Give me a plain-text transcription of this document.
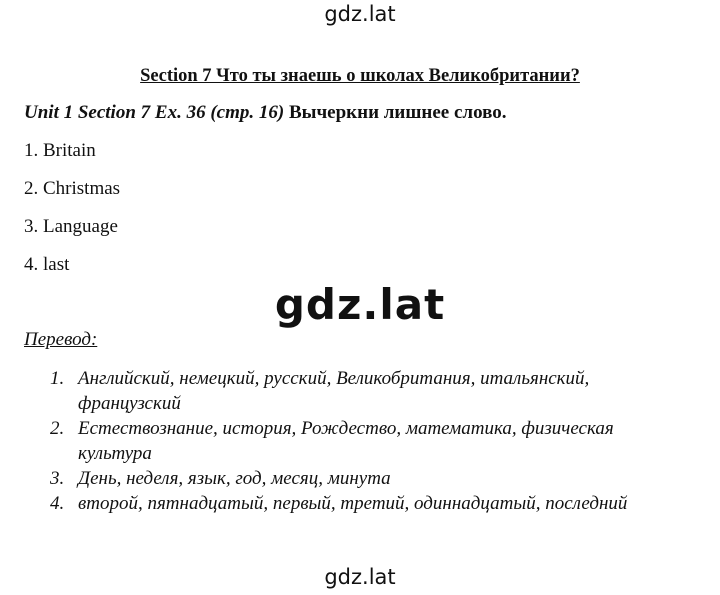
gdz.lat
Section 7 Что ты знаешь о школах Великобритании?
Unit 1 Section 7 Ex. 36 (стр. 16) Вычеркни лишнее слово.
1. Britain
2. Christmas
3. Language
4. last
gdz.lat
Перевод:
1. Английский, немецкий, русский, Великобритания, итальянский, французский
2. Естествознание, история, Рождество, математика, физическая культура
3. День, неделя, язык, год, месяц, минута
4. второй, пятнадцатый, первый, третий, одиннадцатый, последний
gdz.lat
